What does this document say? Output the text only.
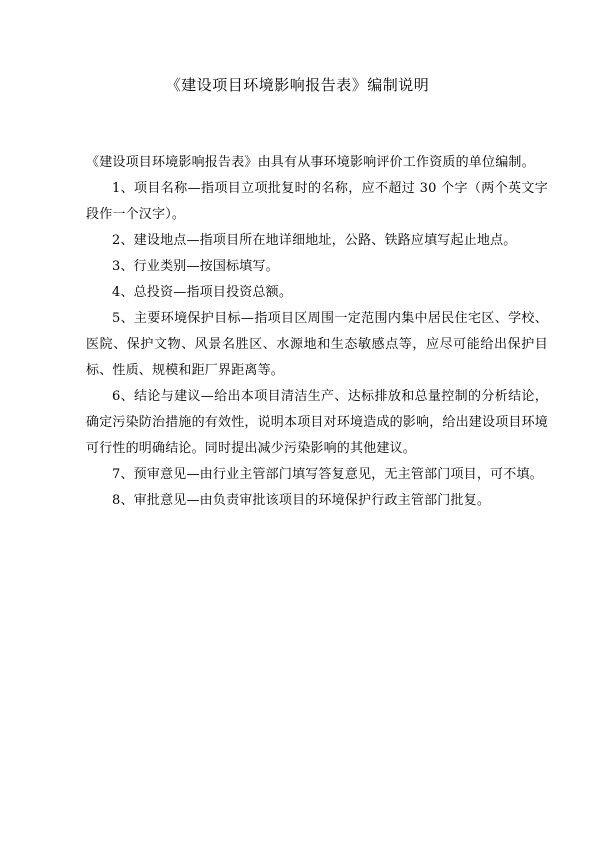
《建设项目环境影响报告表》编制说明

《建设项目环境影响报告表》由具有从事环境影响评价工作资质的单位编制。

1、项目名称—指项目立项批复时的名称，应不超过 30 个字（两个英文字段作一个汉字）。

2、建设地点—指项目所在地详细地址，公路、铁路应填写起止地点。

3、行业类别—按国标填写。

4、总投资—指项目投资总额。

5、主要环境保护目标—指项目区周围一定范围内集中居民住宅区、学校、医院、保护文物、风景名胜区、水源地和生态敏感点等，应尽可能给出保护目标、性质、规模和距厂界距离等。

6、结论与建议—给出本项目清洁生产、达标排放和总量控制的分析结论，确定污染防治措施的有效性，说明本项目对环境造成的影响，给出建设项目环境可行性的明确结论。同时提出减少污染影响的其他建议。

7、预审意见—由行业主管部门填写答复意见，无主管部门项目，可不填。

8、审批意见—由负责审批该项目的环境保护行政主管部门批复。
